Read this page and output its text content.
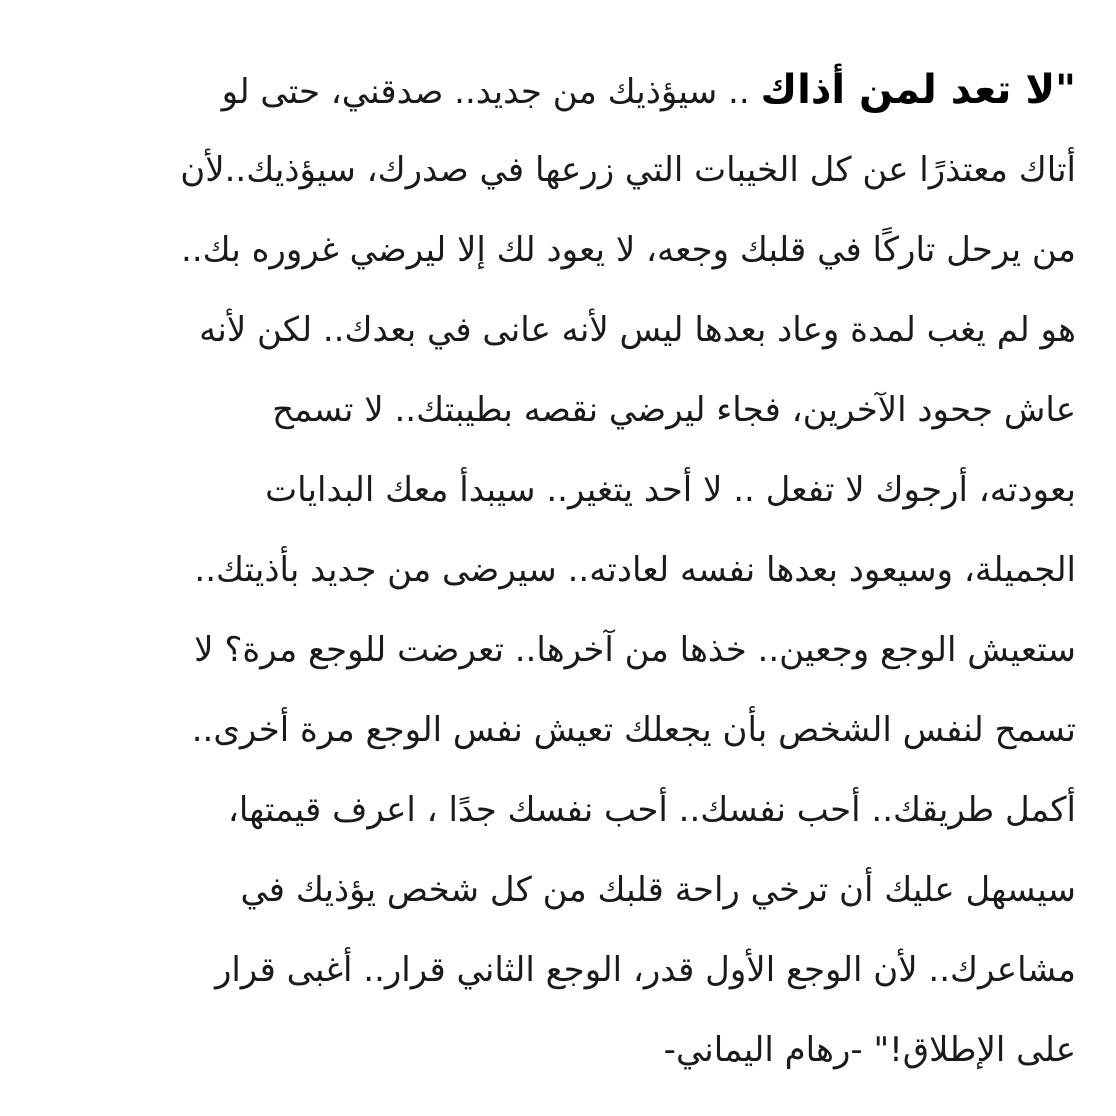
"لا تعد لمن أذاك .. سيؤذيك من جديد.. صدقني، حتى لو
أتاك معتذرًا عن كل الخيبات التي زرعها في صدرك، سيؤذيك..لأن
من يرحل تاركًا في قلبك وجعه، لا يعود لك إلا ليرضي غروره بك..
هو لم يغب لمدة وعاد بعدها ليس لأنه عانى في بعدك.. لكن لأنه
عاش جحود الآخرين، فجاء ليرضي نقصه بطيبتك.. لا تسمح
بعودته، أرجوك لا تفعل .. لا أحد يتغير.. سيبدأ معك البدايات
الجميلة، وسيعود بعدها نفسه لعادته.. سيرضى من جديد بأذيتك..
ستعيش الوجع وجعين.. خذها من آخرها.. تعرضت للوجع مرة؟ لا
تسمح لنفس الشخص بأن يجعلك تعيش نفس الوجع مرة أخرى..
أكمل طريقك.. أحب نفسك.. أحب نفسك جدًا ، اعرف قيمتها،
سيسهل عليك أن ترخي راحة قلبك من كل شخص يؤذيك في
مشاعرك.. لأن الوجع الأول قدر، الوجع الثاني قرار.. أغبى قرار
على الإطلاق!" -رهام اليماني-
